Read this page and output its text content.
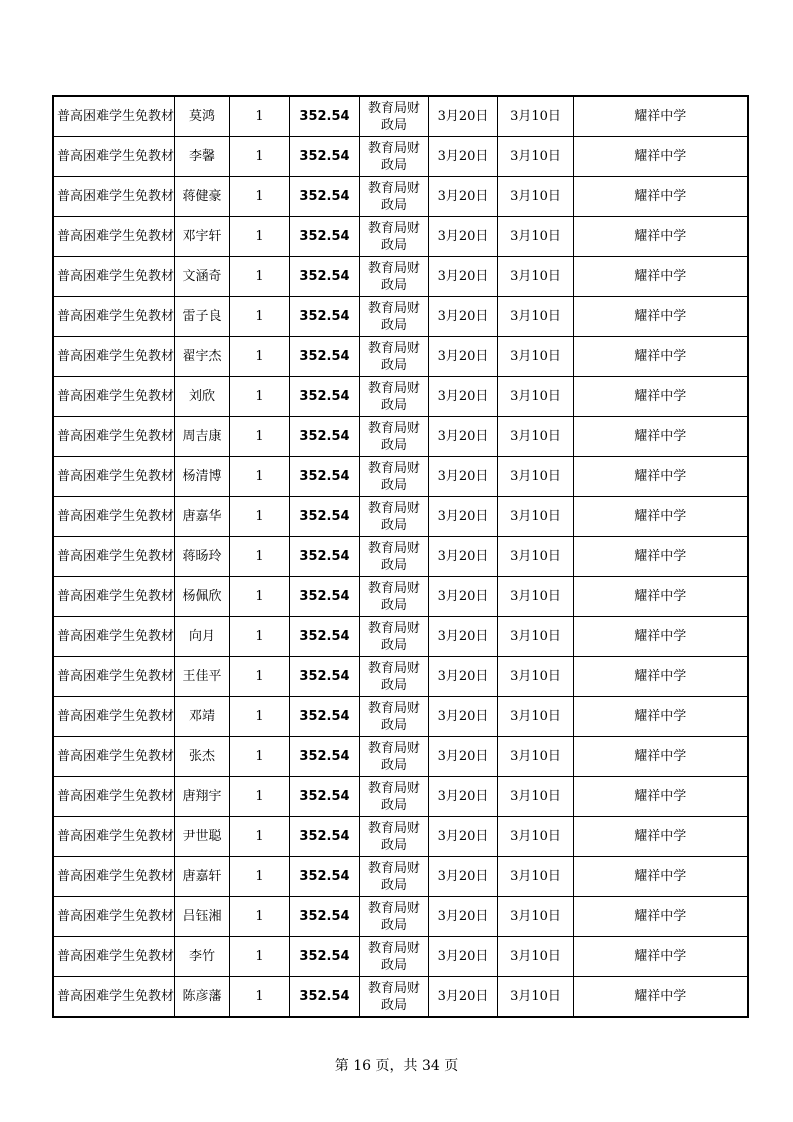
普高困难学生免教材	莫鸿	1	352.54	教育局财政局	3月20日	3月10日	耀祥中学
普高困难学生免教材	李馨	1	352.54	教育局财政局	3月20日	3月10日	耀祥中学
普高困难学生免教材	蒋健豪	1	352.54	教育局财政局	3月20日	3月10日	耀祥中学
普高困难学生免教材	邓宇轩	1	352.54	教育局财政局	3月20日	3月10日	耀祥中学
普高困难学生免教材	文涵奇	1	352.54	教育局财政局	3月20日	3月10日	耀祥中学
普高困难学生免教材	雷子良	1	352.54	教育局财政局	3月20日	3月10日	耀祥中学
普高困难学生免教材	翟宇杰	1	352.54	教育局财政局	3月20日	3月10日	耀祥中学
普高困难学生免教材	刘欣	1	352.54	教育局财政局	3月20日	3月10日	耀祥中学
普高困难学生免教材	周吉康	1	352.54	教育局财政局	3月20日	3月10日	耀祥中学
普高困难学生免教材	杨清博	1	352.54	教育局财政局	3月20日	3月10日	耀祥中学
普高困难学生免教材	唐嘉华	1	352.54	教育局财政局	3月20日	3月10日	耀祥中学
普高困难学生免教材	蒋旸玲	1	352.54	教育局财政局	3月20日	3月10日	耀祥中学
普高困难学生免教材	杨佩欣	1	352.54	教育局财政局	3月20日	3月10日	耀祥中学
普高困难学生免教材	向月	1	352.54	教育局财政局	3月20日	3月10日	耀祥中学
普高困难学生免教材	王佳平	1	352.54	教育局财政局	3月20日	3月10日	耀祥中学
普高困难学生免教材	邓靖	1	352.54	教育局财政局	3月20日	3月10日	耀祥中学
普高困难学生免教材	张杰	1	352.54	教育局财政局	3月20日	3月10日	耀祥中学
普高困难学生免教材	唐翔宇	1	352.54	教育局财政局	3月20日	3月10日	耀祥中学
普高困难学生免教材	尹世聪	1	352.54	教育局财政局	3月20日	3月10日	耀祥中学
普高困难学生免教材	唐嘉轩	1	352.54	教育局财政局	3月20日	3月10日	耀祥中学
普高困难学生免教材	吕钰湘	1	352.54	教育局财政局	3月20日	3月10日	耀祥中学
普高困难学生免教材	李竹	1	352.54	教育局财政局	3月20日	3月10日	耀祥中学
普高困难学生免教材	陈彦藩	1	352.54	教育局财政局	3月20日	3月10日	耀祥中学
第 16 页，共 34 页
